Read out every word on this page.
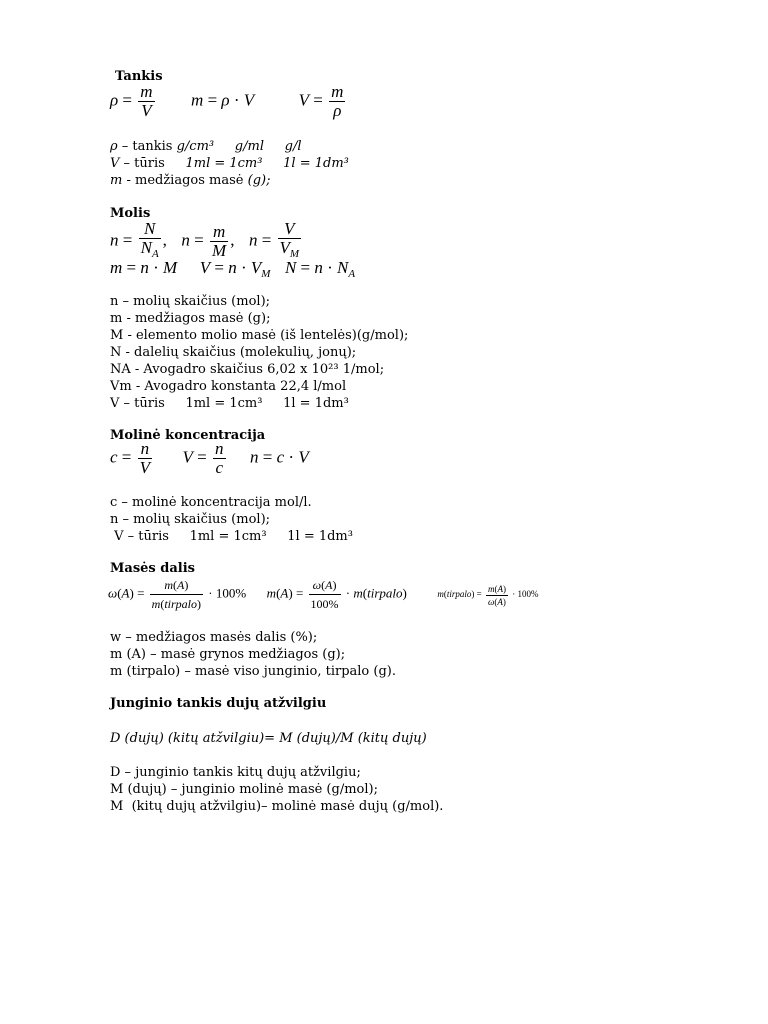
Tankis
$\rho = \frac{m}{V}$ m = ρ · V	$V = \frac{m}{\rho}$
ρ – tankis g/cm³     g/ml     g/l
V – tūris     1ml = 1cm³     1l = 1dm³
m - medžiagos masė (g);
Molis
$n = \frac{N}{N_A}$ ,  $n = \frac{m}{M}$ ,  $n = \frac{V}{V_M}$
m = n · M $V = n \cdot V_M$ $N = n \cdot N_A$
n – molių skaičius (mol);
m - medžiagos masė (g);
M - elemento molio masė (iš lentelės)(g/mol);
N - dalelių skaičius (molekulių, jonų);
NA - Avogadro skaičius 6,02 x 10²³ 1/mol;
Vm - Avogadro konstanta 22,4 l/mol
V – tūris     1ml = 1cm³     1l = 1dm³
Molinė koncentracija
$c = \frac{n}{V}$ $V = \frac{n}{c}$ n = c · V
c – molinė koncentracija mol/l.
n – molių skaičius (mol);
V – tūris     1ml = 1cm³     1l = 1dm³
Masės dalis
$\omega(A) = \frac{m(A)}{\text{m(tirpalo)}} \cdot 100\%$  $m(A) = \frac{\omega(A)}{100\%}$ · m(tirpalo)	m(tirpalo) = $\frac{m(A)}{\omega(A)} \cdot 100\%$
w – medžiagos masės dalis (%);
m (A) – masė grynos medžiagos (g);
m (tirpalo) – masė viso junginio, tirpalo (g).
Junginio tankis dujų atžvilgiu
D (dujų) (kitų atžvilgiu)= M (dujų)/M (kitų dujų)
D – junginio tankis kitų dujų atžvilgiu;
M (dujų) – junginio molinė masė (g/mol);
M  (kitų dujų atžvilgiu)– molinė masė dujų (g/mol).
